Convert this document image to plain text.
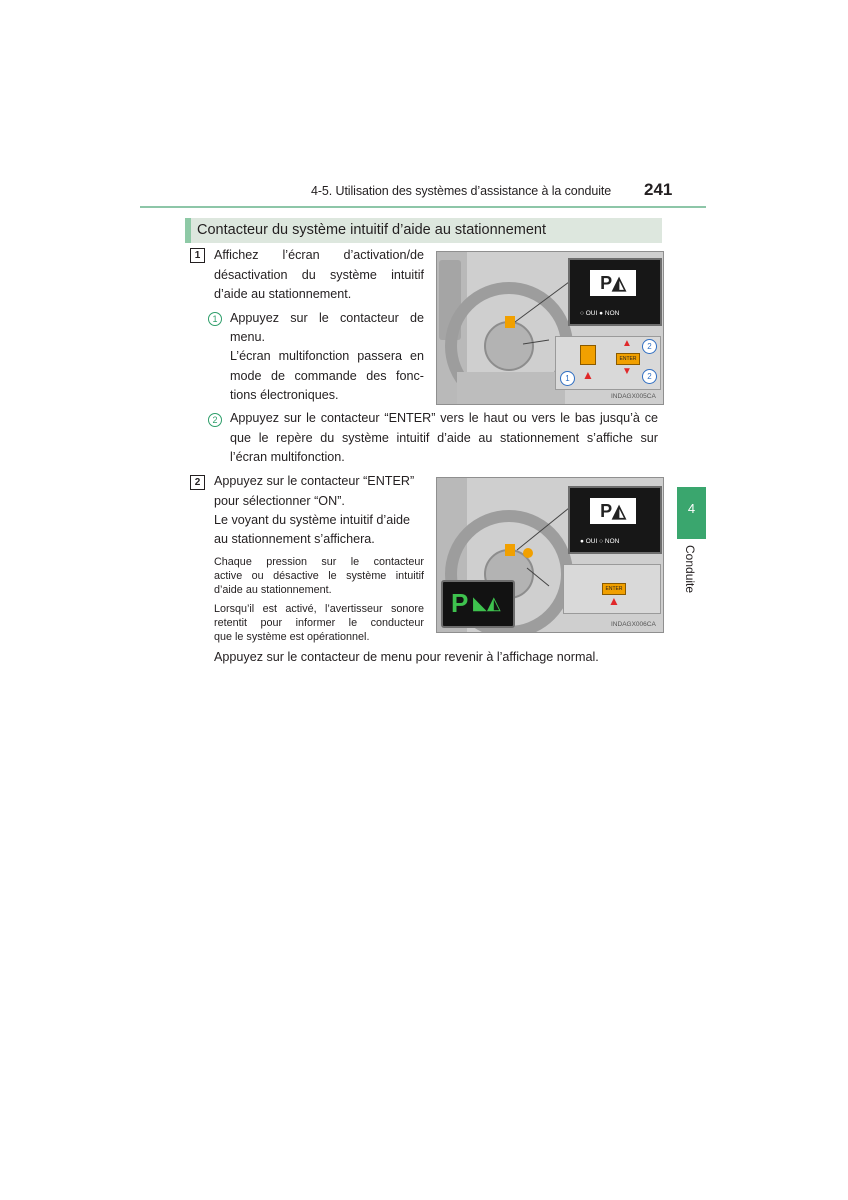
4-5. Utilisation des systèmes d’assistance à la conduite 241
Contacteur du système intuitif d’aide au stationnement
1	Affichez l’écran d’activation/de
désactivation du système intuitif
d’aide au stationnement.
1 Appuyez sur le contacteur de
menu.
L’écran multifonction passera en
mode de commande des fonc-
tions électroniques.
2 Appuyez sur le contacteur “ENTER” vers le haut ou vers le bas jusqu’à ce
que le repère du système intuitif d’aide au stationnement s’affiche sur
l’écran multifonction.
P◭
○ OUI ● NON
ENTER
▲
▼
▲
1
2
2
INDAGX005CA
2	Appuyez sur le contacteur “ENTER”
pour sélectionner “ON”.
Le voyant du système intuitif d’aide
au stationnement s’affichera.
Chaque pression sur le contacteur
active ou désactive le système intuitif
d’aide au stationnement.
Lorsqu’il est activé, l’avertisseur sonore
retentit pour informer le conducteur
que le système est opérationnel.
P◭
● OUI ○ NON
ENTER
▲
P ◣◭
INDAGX006CA
Appuyez sur le contacteur de menu pour revenir à l’affichage normal.
4
Conduite
